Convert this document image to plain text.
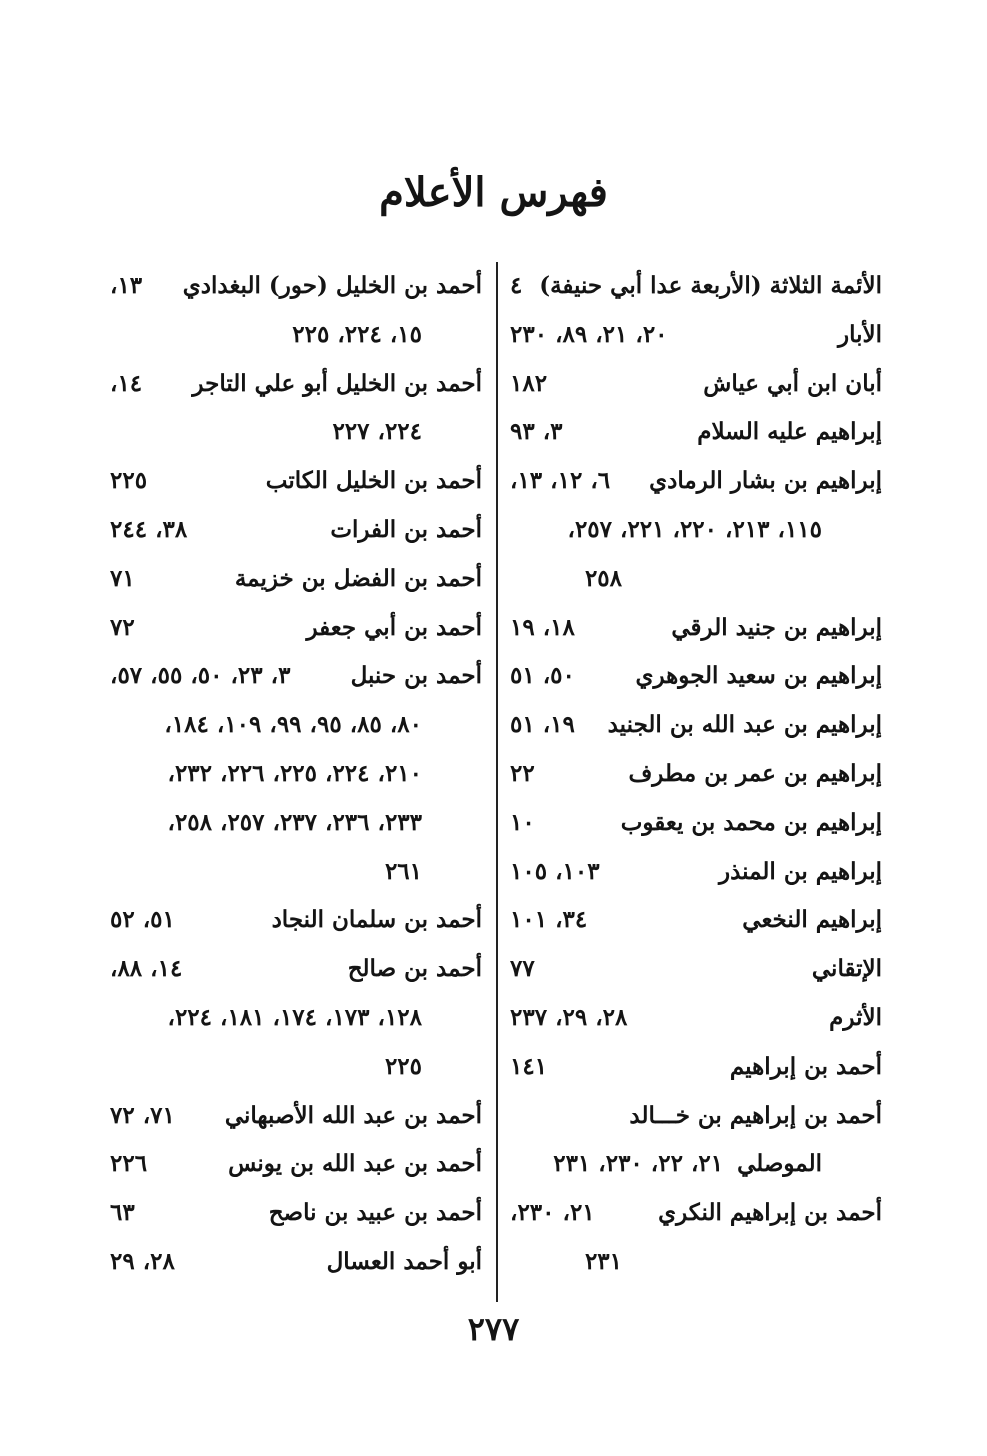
فهرس الأعلام
الأئمة الثلاثة (الأربعة عدا أبي حنيفة)
٤
الأبار
٢٠، ٢١، ٨٩، ٢٣٠
أبان ابن أبي عياش
١٨٢
إبراهيم عليه السلام
٣، ٩٣
إبراهيم بن بشار الرمادي
٦، ١٢، ١٣،
١١٥، ٢١٣، ٢٢٠، ٢٢١، ٢٥٧،
٢٥٨
إبراهيم بن جنيد الرقي
١٨، ١٩
إبراهيم بن سعيد الجوهري
٥٠، ٥١
إبراهيم بن عبد الله بن الجنيد
١٩، ٥١
إبراهيم بن عمر بن مطرف
٢٢
إبراهيم بن محمد بن يعقوب
١٠
إبراهيم بن المنذر
١٠٣، ١٠٥
إبراهيم النخعي
٣٤، ١٠١
الإتقاني
٧٧
الأثرم
٢٨، ٢٩، ٢٣٧
أحمد بن إبراهيم
١٤١
أحمد بن إبراهيم بن خـــالد
الموصلي
٢١، ٢٢، ٢٣٠، ٢٣١
أحمد بن إبراهيم النكري
٢١، ٢٣٠،
٢٣١
أحمد بن الخليل (حور) البغدادي
١٣،
١٥، ٢٢٤، ٢٢٥
أحمد بن الخليل أبو علي التاجر
١٤،
٢٢٤، ٢٢٧
أحمد بن الخليل الكاتب
٢٢٥
أحمد بن الفرات
٣٨، ٢٤٤
أحمد بن الفضل بن خزيمة
٧١
أحمد بن أبي جعفر
٧٢
أحمد بن حنبل
٣، ٢٣، ٥٠، ٥٥، ٥٧،
٨٠، ٨٥، ٩٥، ٩٩، ١٠٩، ١٨٤،
٢١٠، ٢٢٤، ٢٢٥، ٢٢٦، ٢٣٢،
٢٣٣، ٢٣٦، ٢٣٧، ٢٥٧، ٢٥٨،
٢٦١
أحمد بن سلمان النجاد
٥١، ٥٢
أحمد بن صالح
١٤، ٨٨،
١٢٨، ١٧٣، ١٧٤، ١٨١، ٢٢٤،
٢٢٥
أحمد بن عبد الله الأصبهاني
٧١، ٧٢
أحمد بن عبد الله بن يونس
٢٢٦
أحمد بن عبيد بن ناصح
٦٣
أبو أحمد العسال
٢٨، ٢٩
٢٧٧
